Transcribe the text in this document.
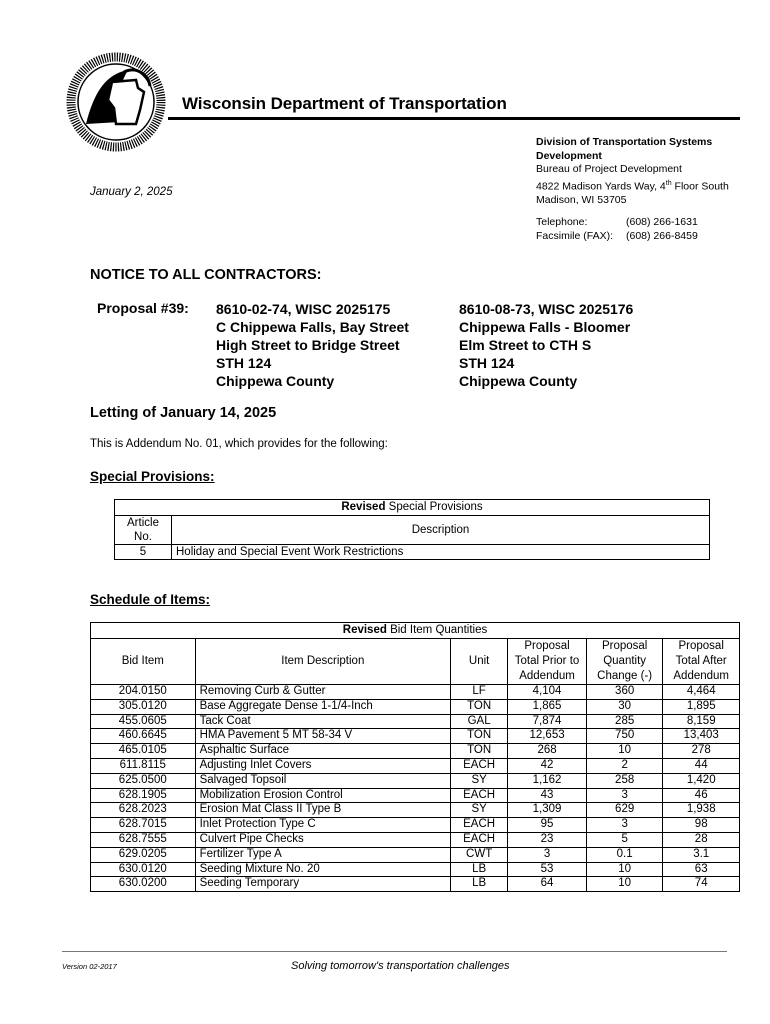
Wisconsin Department of Transportation
Division of Transportation Systems
Development
Bureau of Project Development
4822 Madison Yards Way, 4th Floor South
Madison, WI 53705
Telephone:	(608) 266-1631
Facsimile (FAX): (608) 266-8459
January 2, 2025
NOTICE TO ALL CONTRACTORS:
Proposal #39: 8610-02-74, WISC 2025175
C Chippewa Falls, Bay Street
High Street to Bridge Street
STH 124
Chippewa County
8610-08-73, WISC 2025176
Chippewa Falls - Bloomer
Elm Street to CTH S
STH 124
Chippewa County
Letting of January 14, 2025
This is Addendum No. 01, which provides for the following:
Special Provisions:
Revised Special Provisions	
Article No.	Description
5	Holiday and Special Event Work Restrictions
Schedule of Items:
Revised Bid Item Quantities					
Bid Item	Item Description	Unit	Proposal Total Prior to Addendum	Proposal Quantity Change (-)	Proposal Total After Addendum
204.0150	Removing Curb & Gutter	LF	4,104	360	4,464
305.0120	Base Aggregate Dense 1-1/4-Inch	TON	1,865	30	1,895
455.0605	Tack Coat	GAL	7,874	285	8,159
460.6645	HMA Pavement 5 MT 58-34 V	TON	12,653	750	13,403
465.0105	Asphaltic Surface	TON	268	10	278
611.8115	Adjusting Inlet Covers	EACH	42	2	44
625.0500	Salvaged Topsoil	SY	1,162	258	1,420
628.1905	Mobilization Erosion Control	EACH	43	3	46
628.2023	Erosion Mat Class II Type B	SY	1,309	629	1,938
628.7015	Inlet Protection Type C	EACH	95	3	98
628.7555	Culvert Pipe Checks	EACH	23	5	28
629.0205	Fertilizer Type A	CWT	3	0.1	3.1
630.0120	Seeding Mixture No. 20	LB	53	10	63
630.0200	Seeding Temporary	LB	64	10	74
Version 02-2017	Solving tomorrow's transportation challenges
